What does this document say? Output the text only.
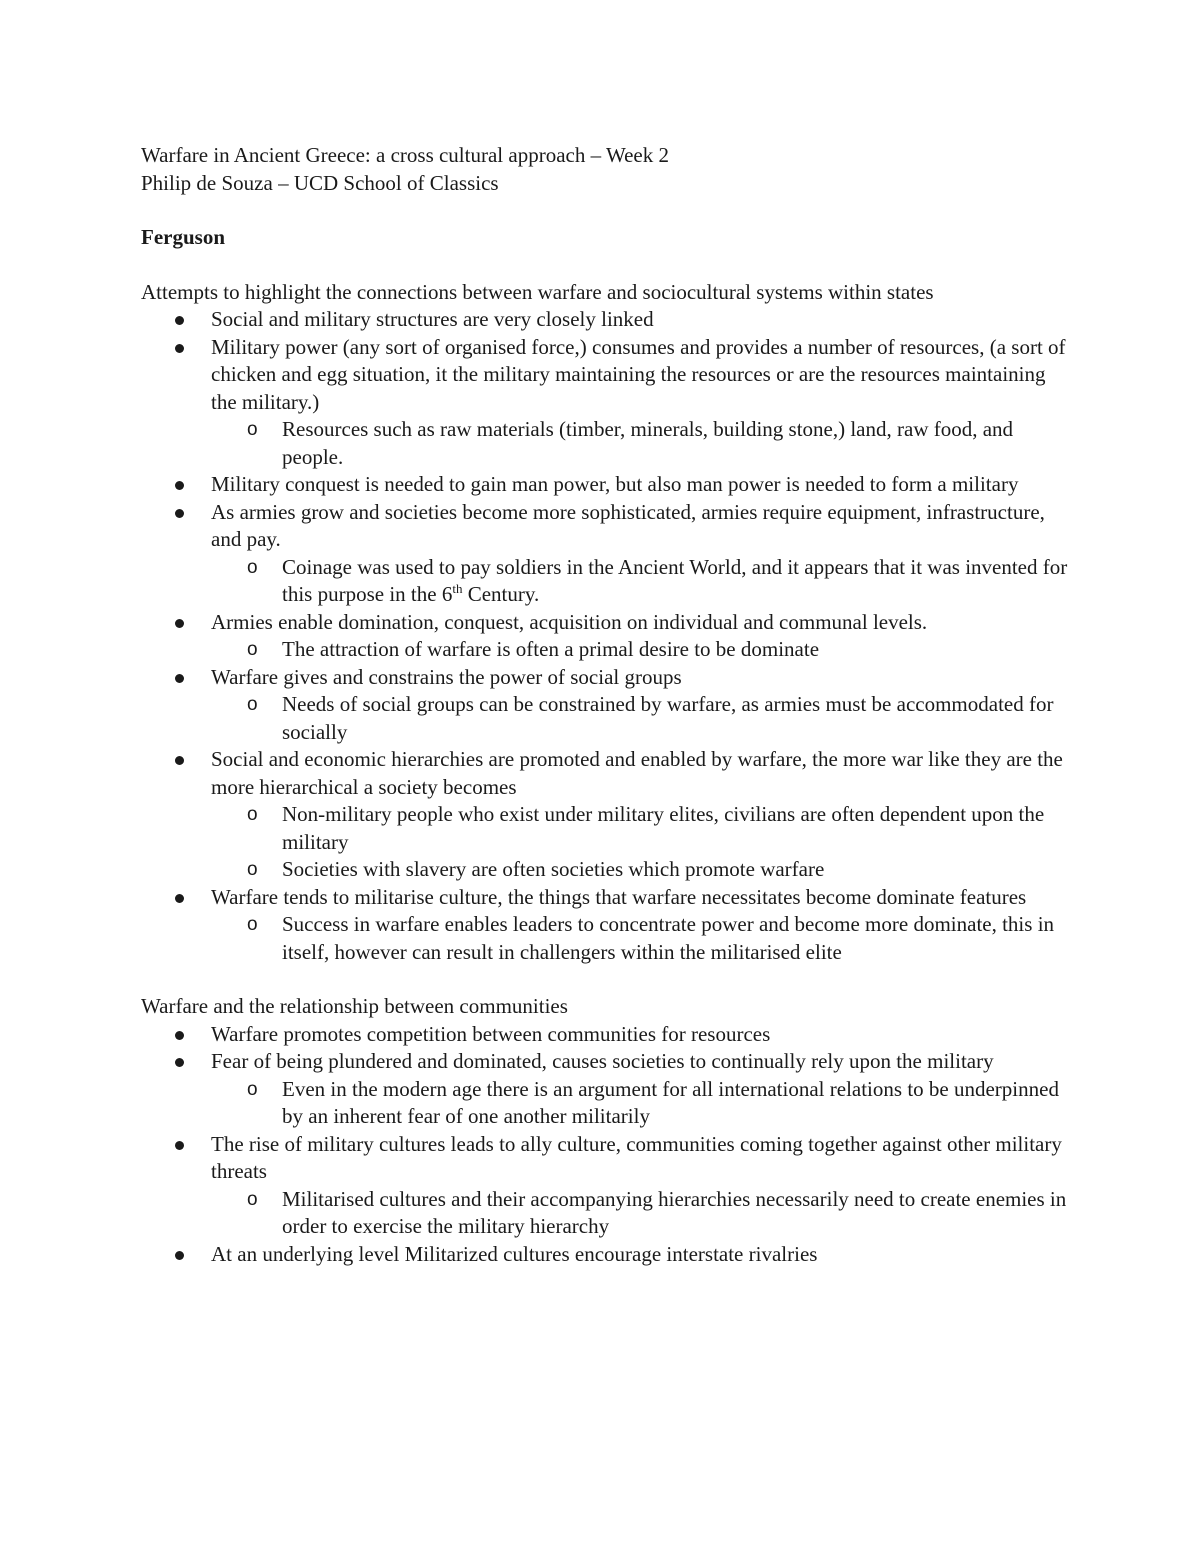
Warfare in Ancient Greece: a cross cultural approach – Week 2

Philip de Souza – UCD School of Classics

Ferguson

Attempts to highlight the connections between warfare and sociocultural systems within states

Social and military structures are very closely linked
Military power (any sort of organised force,) consumes and provides a number of resources, (a sort of chicken and egg situation, it the military maintaining the resources or are the resources maintaining the military.)
o Resources such as raw materials (timber, minerals, building stone,) land, raw food, and people.
Military conquest is needed to gain man power, but also man power is needed to form a military
As armies grow and societies become more sophisticated, armies require equipment, infrastructure, and pay.
o Coinage was used to pay soldiers in the Ancient World, and it appears that it was invented for this purpose in the 6th Century.
Armies enable domination, conquest, acquisition on individual and communal levels.
o The attraction of warfare is often a primal desire to be dominate
Warfare gives and constrains the power of social groups
o Needs of social groups can be constrained by warfare, as armies must be accommodated for socially
Social and economic hierarchies are promoted and enabled by warfare, the more war like they are the more hierarchical a society becomes
o Non-military people who exist under military elites, civilians are often dependent upon the military
o Societies with slavery are often societies which promote warfare
Warfare tends to militarise culture, the things that warfare necessitates become dominate features
o Success in warfare enables leaders to concentrate power and become more dominate, this in itself, however can result in challengers within the militarised elite

Warfare and the relationship between communities

Warfare promotes competition between communities for resources
Fear of being plundered and dominated, causes societies to continually rely upon the military
o Even in the modern age there is an argument for all international relations to be underpinned by an inherent fear of one another militarily
The rise of military cultures leads to ally culture, communities coming together against other military threats
o Militarised cultures and their accompanying hierarchies necessarily need to create enemies in order to exercise the military hierarchy
At an underlying level Militarized cultures encourage interstate rivalries
